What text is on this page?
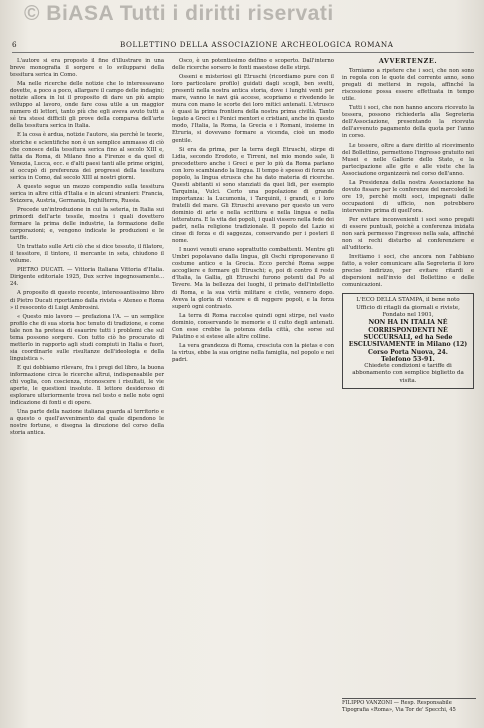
© BiASA Tutti i diritti riservati
6	BOLLETTINO DELLA ASSOCIAZIONE ARCHEOLOGICA ROMANA

L'autore si era proposto il fine d'illustrare in una breve monografia il sorgere e lo svilupparsi della tessitura serica in Como.

Ma nelle ricerche delle notizie che lo interessavano dovette, a poco a poco, allargare il campo delle indagini; notizie allora in lui il proposito di dare un più ampio sviluppo al lavoro, onde fare cosa utile a un maggior numero di lettori, tanto più che egli aveva avuto tutti a sé tra stessi difficili gli prove della comparsa dell'arte della tessitura serica in Italia.

E la cosa è ardua, notizie l'autore, sia perchè le teorie, storiche e scientifiche non è un semplice ammasso di ciò che conosce della tessitura serica fino al secolo XIII e, fatta da Roma, di Milano fino a Firenze e da quel di Venezia, Lucca, ecc. e d'alti paesi tanti alle prime origini, si occupò di preferenza dei progressi della tessitura serica in Como, dal secolo XIII ai nostri giorni.

A questo segue un mezzo compendio sulla tessitura serica in altre città d'Italia e in alcuni stranieri: Francia, Svizzera, Austria, Germania, Inghilterra, Russia.

Precede un'introduzione in cui la seteria, in Italia sui primordi dell'arte tessile, mostra i quali dovettero formare la prima delle industrie, la formazione delle corporazioni; e, vengono indicate le produzioni e le tariffe.

Un trattato sulle Arti ciò che si dice tessuto, il filatore, il tessitore, il tintore, il mercante in seta, chiudono il volume.

PIETRO DUCATI. — Vittoria Italiana Vittoria d'Italia. Dirigente editoriale 1925, Dux scrive ingegnosamente... 24.

A proposito di questo recente, interessantissimo libro di Pietro Ducati riportiamo dalla rivista « Ateneo e Roma » il resoconto di Luigi Ambrosini.

« Questo mio lavoro — prefaziona l'A. — un semplice profilo che di sua storia hoc tenuto di tradizione, e come tale non ha pretesa di esaurire tutti i problemi che sul tema possono sorgere. Con tutto ciò ho procurato di metterlo in rapporto agli studi compiuti in Italia e fuori, sia coordinarle sulle risultanze dell'ideologia e della linguistica ».

E qui dobbiamo rilevare, fra i pregi del libro, la buona informazione circa le ricerche altrui, indispensabile per chi voglia, con coscienza, riconoscere i risultati, le vie aperte, le questioni insolute. Il lettore desideroso di esplorare ulteriormente trova nel testo e nelle note ogni indicazione di fonti e di opere.

Una parte della nazione italiana guarda al territorio e a questo o quell'avvenimento dal quale dipendono le nostre fortune, e disegna la direzione del corso della storia antica.

Osco, è un potentissimo delfino e scoperto. Dall'interno delle ricerche sorsero le fonti maestose delle stirpi.

Osseni e misteriosi gli Etruschi (ricordiamo pure con il loro particolare profilo) guidati dagli scogli, ben svelti, presenti nella nostra antica storia, dove i lunghi venti per mare, vanno le navi già accese, scopriamo e rivedendo le mura con mano le scorte dei loro mitici antenati. L'etrusco è quasi la prima frontiera della nostra prima civiltà. Tanto legato a Greci e i Fenici mentori e cristiani, anche in questo modo, l'Italia, la Roma, la Grecia e i Romani, insieme in Etruria, si dovevano formare a vicenda, cioè un modo gentile.

Si era da prima, per la terra degli Etruschi, stirpe di Lidia, secondo Erodoto, e Tirreni, nel mio mondo sale, li precedettero anche i Greci e per lo più da Roma parlano con loro scambiando la lingua. Il tempo è spesso di forza un popolo, la lingua etrusca che ha dato materia di ricerche. Questi abitanti si sono stanziati da quei lidi, per esempio Tarquinia, Vulci. Certo una popolazione di grande importanza: la Lucumonia, i Tarquinii, i grandi, e i loro fratelli del mare. Gli Etruschi avevano per questo un vero dominio di arte e nella scrittura e nella lingua e nella letteratura. E la vita dei popoli, i quali vissero nella fede dei padri, nella religione tradizionale. Il popolo del Lazio si cinse di forza e di saggezza, conservando per i posteri il nome.

I nuovi venuti erano soprattutto combattenti. Mentre gli Umbri popolavano dalla lingua, gli Oschi riproponevano il costume antico e la Grecia. Ecco perché Roma seppe accogliere e formare gli Etruschi; e, poi di contro il resto d'Italia, la Gallia, gli Etruschi furono potenti dal Po al Tevere. Ma la bellezza dei luoghi, il primato dell'intelletto di Roma, e la sua virtù militare e civile, vennero dopo. Aveva la gloria di vincere e di reggere popoli, e la forza superò ogni contrasto.

La terra di Roma raccolse quindi ogni stirpe, nel vasto dominio, conservando le memorie e il culto degli antenati. Con esse crebbe la potenza della città, che sorse sul Palatino e si estese alle altre colline.

La vera grandezza di Roma, cresciuta con la pietas e con la virtus, ebbe la sua origine nella famiglia, nel popolo e nei padri.

AVVERTENZE.

Torniamo a ripetere che i soci, che non sono in regola con le quote del corrente anno, sono pregati di mettersi in regola, affinché la riscossione possa essere effettuata in tempo utile.

Tutti i soci, che non hanno ancora ricevuto la tessera, possono richiederla alla Segreteria dell'Associazione, presentando la ricevuta dell'avvenuto pagamento della quota per l'anno in corso.

Le tessere, oltre a dare diritto al ricevimento del Bollettino, permettono l'ingresso gratuito nei Musei e nelle Gallerie dello Stato, e la partecipazione alle gite e alle visite che la Associazione organizzerà nel corso dell'anno.

La Presidenza della nostra Associazione ha dovuto fissare per le conferenze del mercoledì le ore 19, perchè molti soci, impegnati dalle occupazioni di ufficio, non potrebbero intervenire prima di quell'ora.

Per evitare inconvenienti i soci sono pregati di essere puntuali, poichè a conferenza iniziata non sarà permesso l'ingresso nella sala, affinché non si rechi disturbo al conferenziere e all'uditorio.

Invitiamo i soci, che ancora non l'abbiano fatto, a voler comunicare alla Segreteria il loro preciso indirizzo, per evitare ritardi e dispersioni nell'invio del Bollettino e delle comunicazioni.

L'ECO DELLA STAMPA, il bene noto Ufficio di ritagli da giornali e riviste, Fondato nel 1901,
NON HA IN ITALIA NÉ CORRISPONDENTI NÉ SUCCURSALI, ed ha Sede ESCLUSIVAMENTE in Milano (12) Corso Porta Nuova, 24.
Telefono 53-91.
Chiedete condizioni e tariffe di abbonamento con semplice biglietto da visita.
FILIPPO VANZONI — Resp. Responsabile
Tipografia «Roma», Via Tor de' Specchi, 45
